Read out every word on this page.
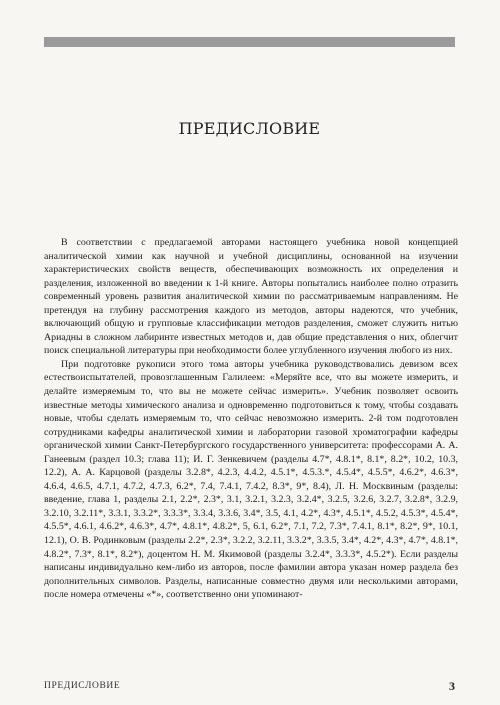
ПРЕДИСЛОВИЕ

В соответствии с предлагаемой авторами настоящего учебника новой концепцией аналитической химии как научной и учебной дисциплины, основанной на изучении характеристических свойств веществ, обеспечивающих возможность их определения и разделения, изложенной во введении к 1-й книге. Авторы попытались наиболее полно отразить современный уровень развития аналитической химии по рассматриваемым направлениям. Не претендуя на глубину рассмотрения каждого из методов, авторы надеются, что учебник, включающий общую и групповые классификации методов разделения, сможет служить нитью Ариадны в сложном лабиринте известных методов и, дав общие представления о них, облегчит поиск специальной литературы при необходимости более углубленного изучения любого из них.

При подготовке рукописи этого тома авторы учебника руководствовались девизом всех естествоиспытателей, провозглашенным Галилеем: «Меряйте все, что вы можете измерить, и делайте измеряемым то, что вы не можете сейчас измерить». Учебник позволяет освоить известные методы химического анализа и одновременно подготовиться к тому, чтобы создавать новые, чтобы сделать измеряемым то, что сейчас невозможно измерить. 2-й том подготовлен сотрудниками кафедры аналитической химии и лаборатории газовой хроматографии кафедры органической химии Санкт-Петербургского государственного университета: профессорами А. А. Ганеевым (раздел 10.3; глава 11); И. Г. Зенкевичем (разделы 4.7*, 4.8.1*, 8.1*, 8.2*, 10.2, 10.3, 12.2), А. А. Карцовой (разделы 3.2.8*, 4.2.3, 4.4.2, 4.5.1*, 4.5.3.*, 4.5.4*, 4.5.5*, 4.6.2*, 4.6.3*, 4.6.4, 4.6.5, 4.7.1, 4.7.2, 4.7.3, 6.2*, 7.4, 7.4.1, 7.4.2, 8.3*, 9*, 8.4), Л. Н. Москвиным (разделы: введение, глава 1, разделы 2.1, 2.2*, 2.3*, 3.1, 3.2.1, 3.2.3, 3.2.4*, 3.2.5, 3.2.6, 3.2.7, 3.2.8*, 3.2.9, 3.2.10, 3.2.11*, 3.3.1, 3.3.2*, 3.3.3*, 3.3.4, 3.3.6, 3.4*, 3.5, 4.1, 4.2*, 4.3*, 4.5.1*, 4.5.2, 4.5.3*, 4.5.4*, 4.5.5*, 4.6.1, 4.6.2*, 4.6.3*, 4.7*, 4.8.1*, 4.8.2*, 5, 6.1, 6.2*, 7.1, 7.2, 7.3*, 7.4.1, 8.1*, 8.2*, 9*, 10.1, 12.1), О. В. Родинковым (разделы 2.2*, 2.3*, 3.2.2, 3.2.11, 3.3.2*, 3.3.5, 3.4*, 4.2*, 4.3*, 4.7*, 4.8.1*, 4.8.2*, 7.3*, 8.1*, 8.2*), доцентом Н. М. Якимовой (разделы 3.2.4*, 3.3.3*, 4.5.2*). Если разделы написаны индивидуально кем-либо из авторов, после фамилии автора указан номер раздела без дополнительных символов. Разделы, написанные совместно двумя или несколькими авторами, после номера отмечены «*», соответственно они упоминают-

ПРЕДИСЛОВИЕ	3
